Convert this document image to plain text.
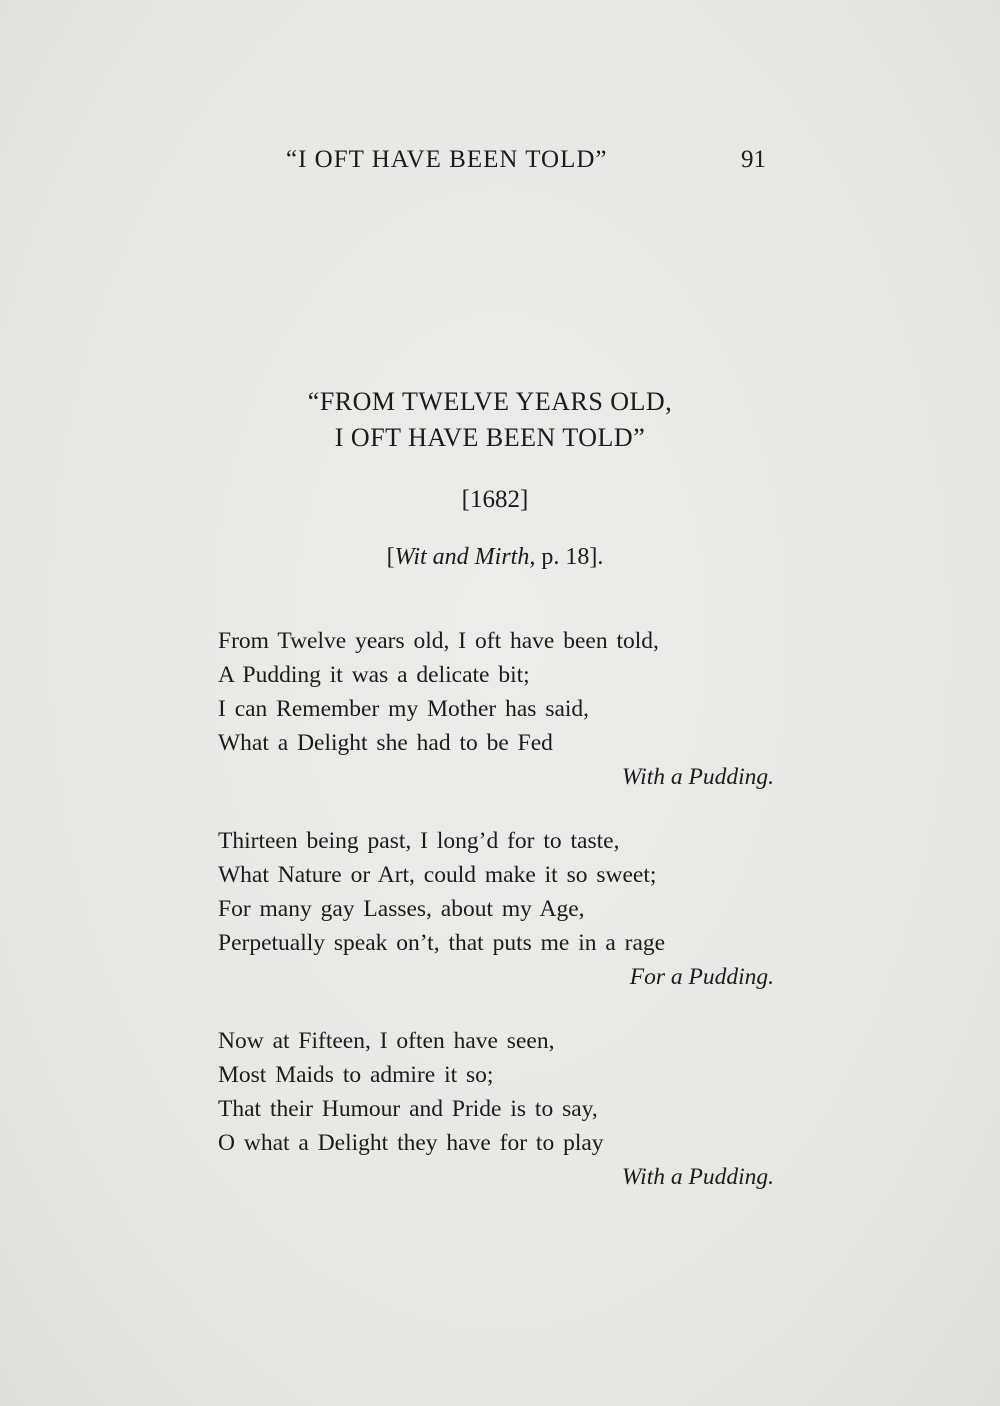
“I OFT HAVE BEEN TOLD”	91
“FROM TWELVE YEARS OLD,
I OFT HAVE BEEN TOLD”
[1682]
[Wit and Mirth, p. 18].
From Twelve years old, I oft have been told,
A Pudding it was a delicate bit;
I can Remember my Mother has said,
What a Delight she had to be Fed
With a Pudding.
Thirteen being past, I long’d for to taste,
What Nature or Art, could make it so sweet;
For many gay Lasses, about my Age,
Perpetually speak on’t, that puts me in a rage
For a Pudding.
Now at Fifteen, I often have seen,
Most Maids to admire it so;
That their Humour and Pride is to say,
O what a Delight they have for to play
With a Pudding.
